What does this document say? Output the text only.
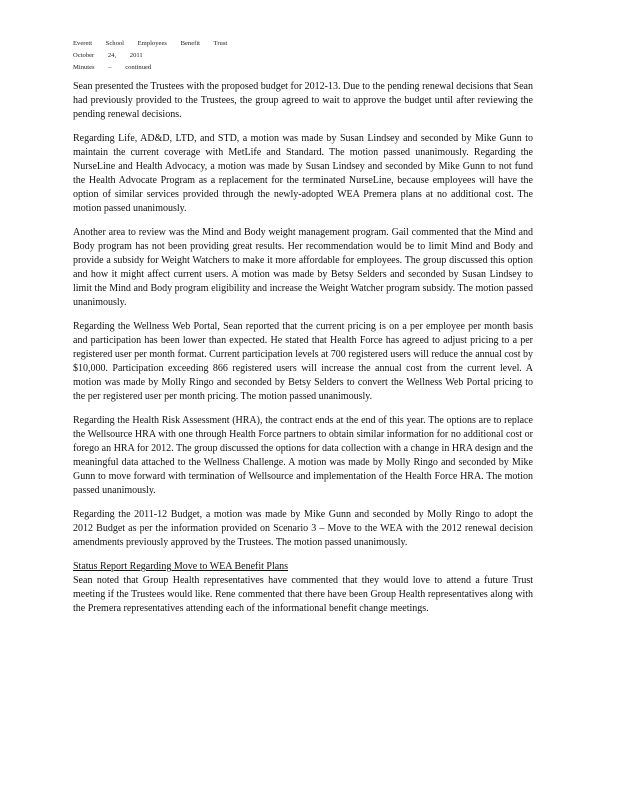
Everett School Employees Benefit Trust
October 24, 2011
Minutes – continued

Sean presented the Trustees with the proposed budget for 2012-13. Due to the pending renewal decisions that Sean had previously provided to the Trustees, the group agreed to wait to approve the budget until after reviewing the pending renewal decisions.

Regarding Life, AD&D, LTD, and STD, a motion was made by Susan Lindsey and seconded by Mike Gunn to maintain the current coverage with MetLife and Standard. The motion passed unanimously. Regarding the NurseLine and Health Advocacy, a motion was made by Susan Lindsey and seconded by Mike Gunn to not fund the Health Advocate Program as a replacement for the terminated NurseLine, because employees will have the option of similar services provided through the newly-adopted WEA Premera plans at no additional cost. The motion passed unanimously.

Another area to review was the Mind and Body weight management program. Gail commented that the Mind and Body program has not been providing great results. Her recommendation would be to limit Mind and Body and provide a subsidy for Weight Watchers to make it more affordable for employees. The group discussed this option and how it might affect current users. A motion was made by Betsy Selders and seconded by Susan Lindsey to limit the Mind and Body program eligibility and increase the Weight Watcher program subsidy. The motion passed unanimously.

Regarding the Wellness Web Portal, Sean reported that the current pricing is on a per employee per month basis and participation has been lower than expected. He stated that Health Force has agreed to adjust pricing to a per registered user per month format. Current participation levels at 700 registered users will reduce the annual cost by $10,000. Participation exceeding 866 registered users will increase the annual cost from the current level. A motion was made by Molly Ringo and seconded by Betsy Selders to convert the Wellness Web Portal pricing to the per registered user per month pricing. The motion passed unanimously.

Regarding the Health Risk Assessment (HRA), the contract ends at the end of this year. The options are to replace the Wellsource HRA with one through Health Force partners to obtain similar information for no additional cost or forego an HRA for 2012. The group discussed the options for data collection with a change in HRA design and the meaningful data attached to the Wellness Challenge. A motion was made by Molly Ringo and seconded by Mike Gunn to move forward with termination of Wellsource and implementation of the Health Force HRA. The motion passed unanimously.

Regarding the 2011-12 Budget, a motion was made by Mike Gunn and seconded by Molly Ringo to adopt the 2012 Budget as per the information provided on Scenario 3 – Move to the WEA with the 2012 renewal decision amendments previously approved by the Trustees. The motion passed unanimously.

Status Report Regarding Move to WEA Benefit Plans

Sean noted that Group Health representatives have commented that they would love to attend a future Trust meeting if the Trustees would like. Rene commented that there have been Group Health representatives along with the Premera representatives attending each of the informational benefit change meetings.
